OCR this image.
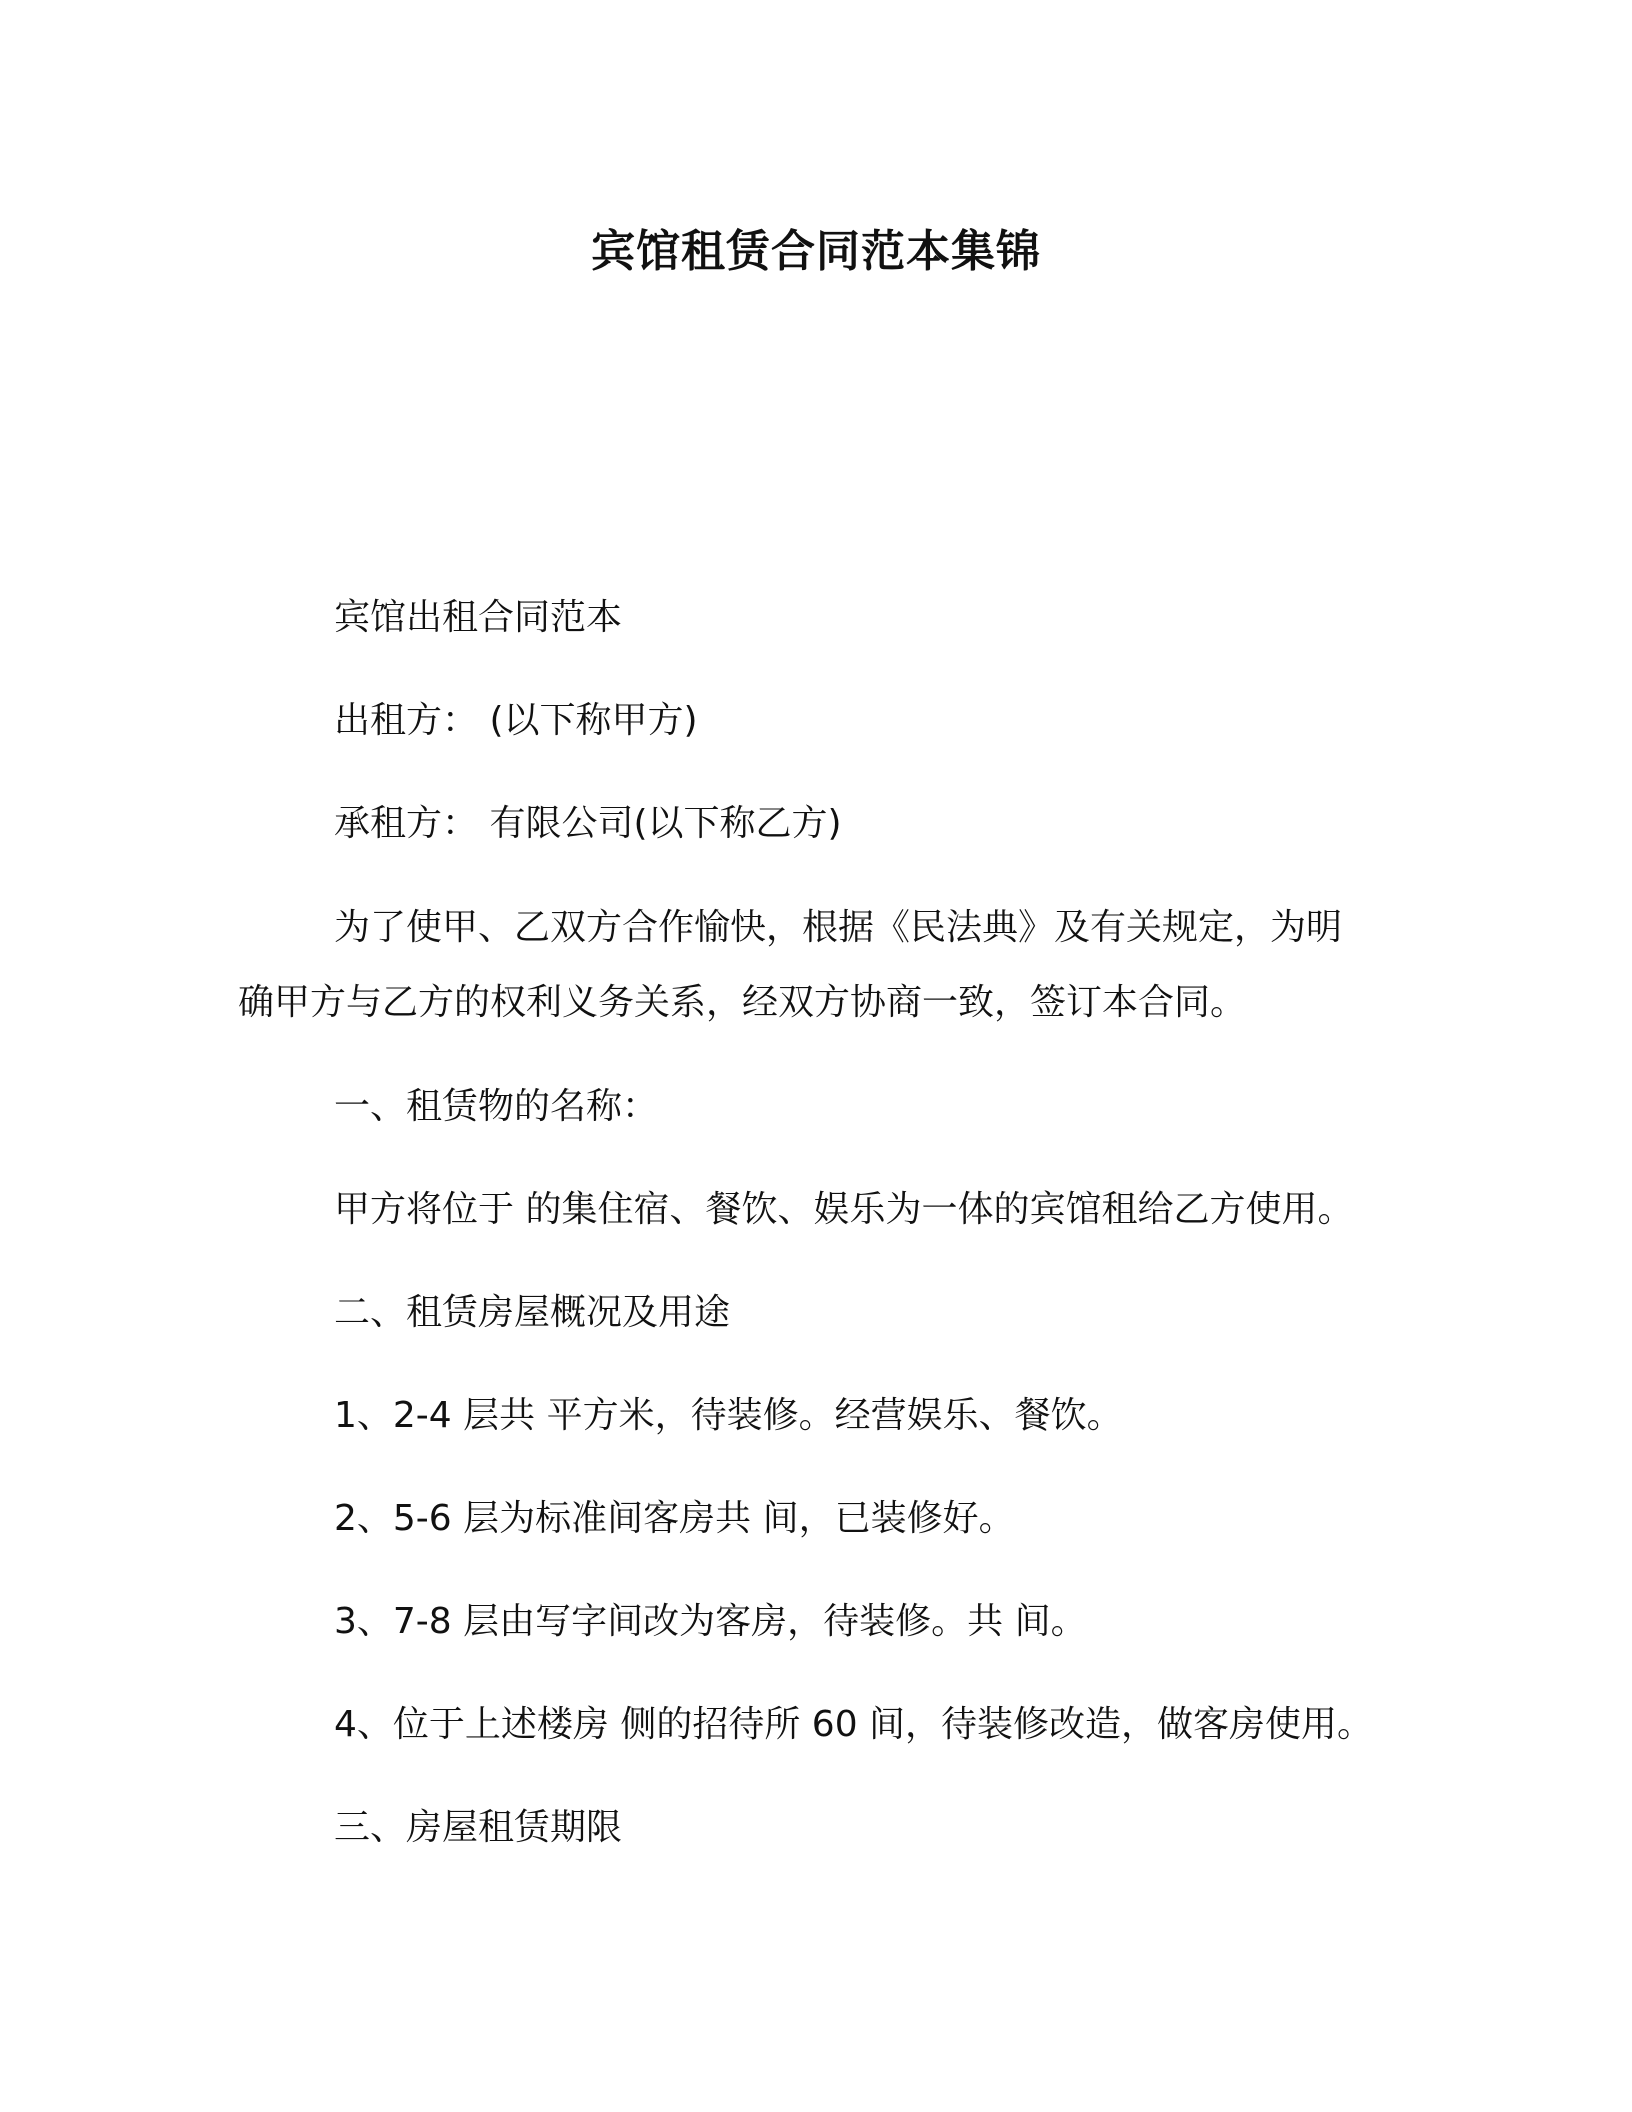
宾馆租赁合同范本集锦
宾馆出租合同范本
出租方： (以下称甲方)
承租方： 有限公司(以下称乙方)
为了使甲、乙双方合作愉快，根据《民法典》及有关规定，为明
确甲方与乙方的权利义务关系，经双方协商一致，签订本合同。
一、租赁物的名称：
甲方将位于 的集住宿、餐饮、娱乐为一体的宾馆租给乙方使用。
二、租赁房屋概况及用途
1、2-4 层共 平方米，待装修。经营娱乐、餐饮。
2、5-6 层为标准间客房共 间，已装修好。
3、7-8 层由写字间改为客房，待装修。共 间。
4、位于上述楼房 侧的招待所 60 间，待装修改造，做客房使用。
三、房屋租赁期限
